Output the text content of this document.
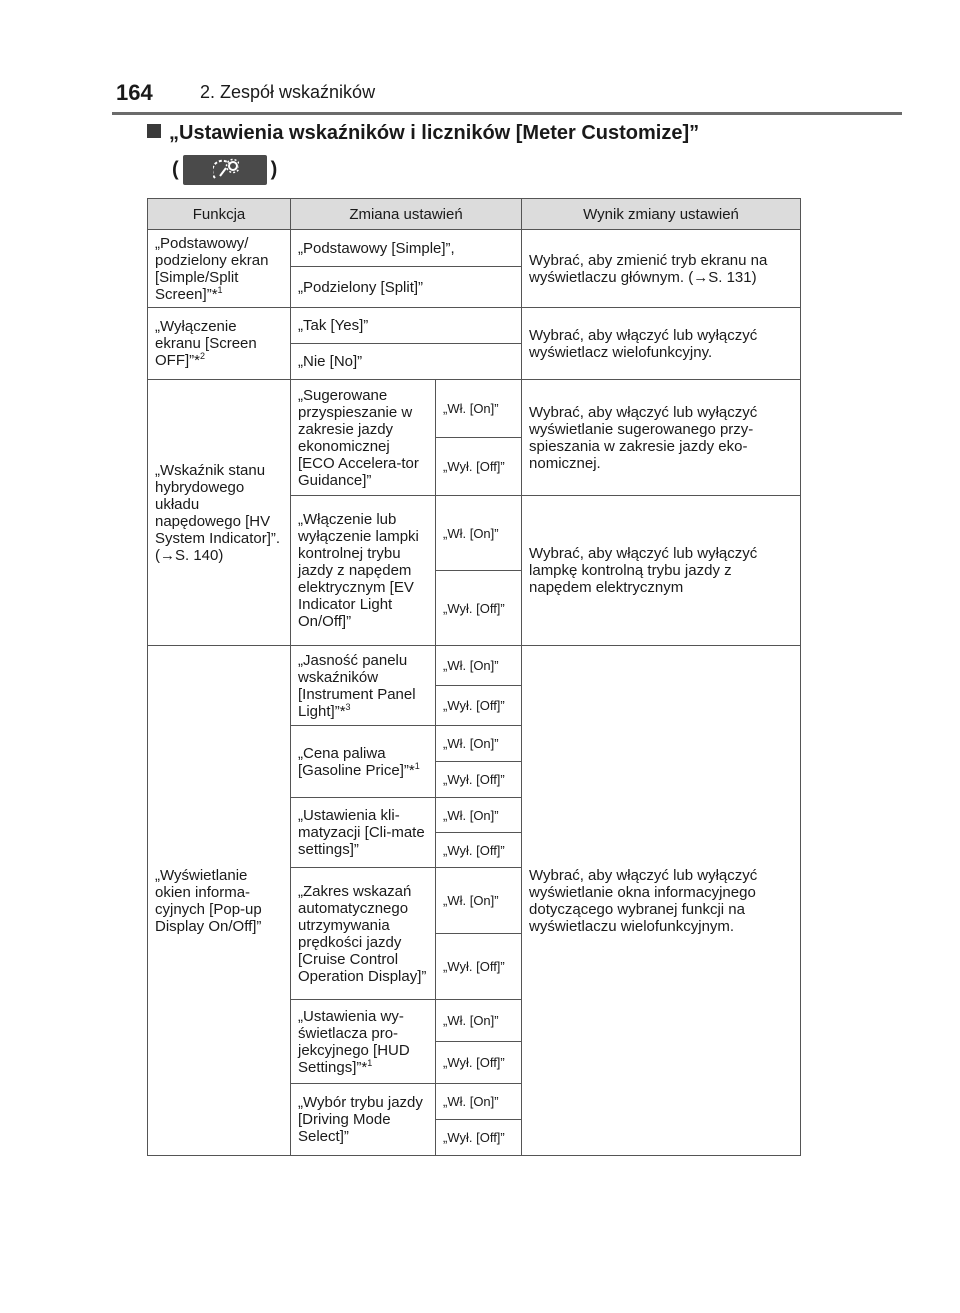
164	2. Zespół wskaźników
„Ustawienia wskaźników i liczników [Meter Customize]”
(	)
Funkcja	Zmiana ustawień		Wynik zmiany ustawień
„Podstawowy/ podzielony ekran [Simple/Split Screen]”*$^1$	„Podstawowy [Simple]”,		Wybrać, aby zmienić tryb ekranu na wyświetlaczu głównym. (→S. 131)
	„Podzielony [Split]”		
„Wyłączenie ekranu [Screen OFF]”*$^2$	„Tak [Yes]”		Wybrać, aby włączyć lub wyłączyć wyświetlacz wielofunkcyjny.
	„Nie [No]”		
„Wskaźnik stanu hybrydowego układu napędowego [HV System Indicator]”. (→S. 140)	„Sugerowane przyspieszanie w zakresie jazdy ekonomicznej [ECO Accelera-tor Guidance]”	„Wł. [On]”	Wybrać, aby włączyć lub wyłączyć wyświetlanie sugerowanego przy-spieszania w zakresie jazdy eko-nomicznej.
		„Wył. [Off]”	
	„Włączenie lub wyłączenie lampki kontrolnej trybu jazdy z napędem elektrycznym [EV Indicator Light On/Off]”	„Wł. [On]”	Wybrać, aby włączyć lub wyłączyć lampkę kontrolną trybu jazdy z napędem elektrycznym
		„Wył. [Off]”	
„Wyświetlanie okien informa-cyjnych [Pop-up Display On/Off]”	„Jasność panelu wskaźników [Instrument Panel Light]”*$^3$	„Wł. [On]”	Wybrać, aby włączyć lub wyłączyć wyświetlanie okna informacyjnego dotyczącego wybranej funkcji na wyświetlaczu wielofunkcyjnym.
		„Wył. [Off]”	
	„Cena paliwa [Gasoline Price]”*$^1$	„Wł. [On]”	
		„Wył. [Off]”	
	„Ustawienia kli-matyzacji [Cli-mate settings]”	„Wł. [On]”	
		„Wył. [Off]”	
	„Zakres wskazań automatycznego utrzymywania prędkości jazdy [Cruise Control Operation Display]”	„Wł. [On]”	
		„Wył. [Off]”	
	„Ustawienia wy-świetlacza pro-jekcyjnego [HUD Settings]”*$^1$	„Wł. [On]”	
		„Wył. [Off]”	
	„Wybór trybu jazdy [Driving Mode Select]”	„Wł. [On]”	
		„Wył. [Off]”	
